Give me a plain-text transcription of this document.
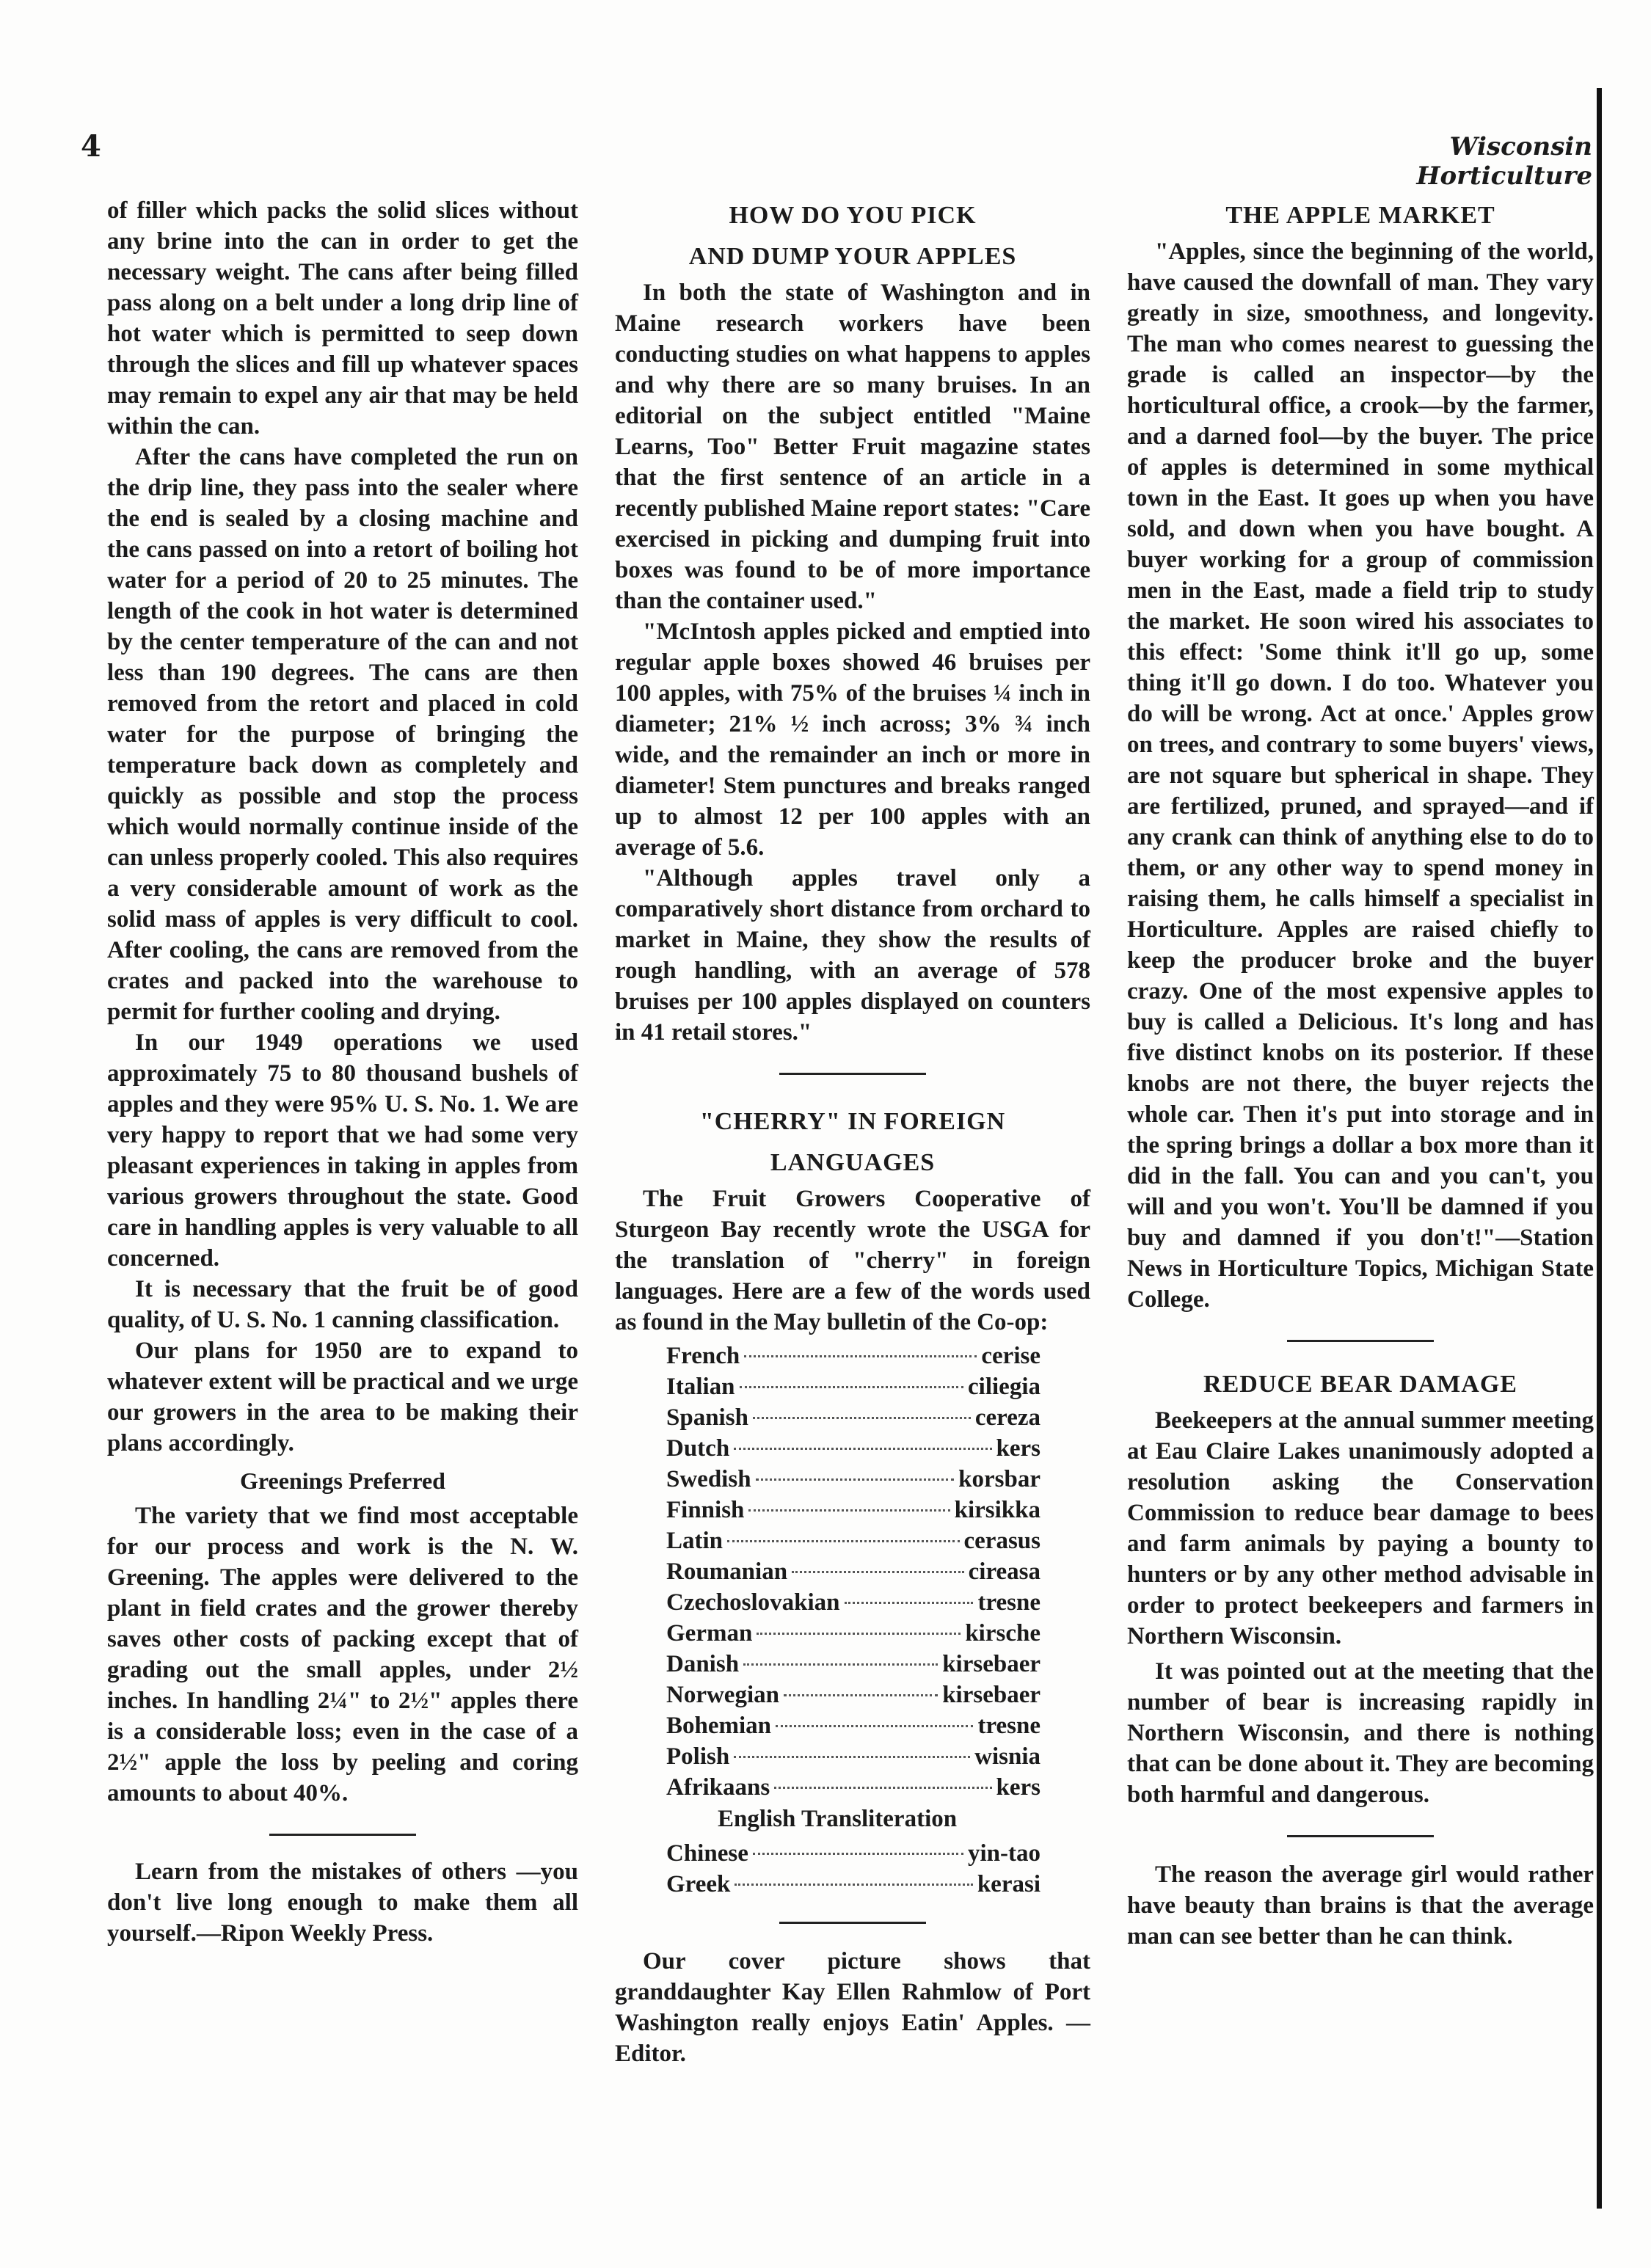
4	Wisconsin Horticulture

of filler which packs the solid slices without any brine into the can in order to get the necessary weight. The cans after being filled pass along on a belt under a long drip line of hot water which is permitted to seep down through the slices and fill up whatever spaces may remain to expel any air that may be held within the can.

After the cans have completed the run on the drip line, they pass into the sealer where the end is sealed by a closing machine and the cans passed on into a retort of boiling hot water for a period of 20 to 25 minutes. The length of the cook in hot water is determined by the center temperature of the can and not less than 190 degrees. The cans are then removed from the retort and placed in cold water for the purpose of bringing the temperature back down as completely and quickly as possible and stop the process which would normally continue inside of the can unless properly cooled. This also requires a very considerable amount of work as the solid mass of apples is very difficult to cool. After cooling, the cans are removed from the crates and packed into the warehouse to permit for further cooling and drying.

In our 1949 operations we used approximately 75 to 80 thousand bushels of apples and they were 95% U. S. No. 1. We are very happy to report that we had some very pleasant experiences in taking in apples from various growers throughout the state. Good care in handling apples is very valuable to all concerned.

It is necessary that the fruit be of good quality, of U. S. No. 1 canning classification.

Our plans for 1950 are to expand to whatever extent will be practical and we urge our growers in the area to be making their plans accordingly.

Greenings Preferred

The variety that we find most acceptable for our process and work is the N. W. Greening. The apples were delivered to the plant in field crates and the grower thereby saves other costs of packing except that of grading out the small apples, under 2½ inches. In handling 2¼" to 2½" apples there is a considerable loss; even in the case of a 2½" apple the loss by peeling and coring amounts to about 40%.

Learn from the mistakes of others —you don't live long enough to make them all yourself.—Ripon Weekly Press.

HOW DO YOU PICK
AND DUMP YOUR APPLES

In both the state of Washington and in Maine research workers have been conducting studies on what happens to apples and why there are so many bruises. In an editorial on the subject entitled "Maine Learns, Too" Better Fruit magazine states that the first sentence of an article in a recently published Maine report states: "Care exercised in picking and dumping fruit into boxes was found to be of more importance than the container used."

"McIntosh apples picked and emptied into regular apple boxes showed 46 bruises per 100 apples, with 75% of the bruises ¼ inch in diameter; 21% ½ inch across; 3% ¾ inch wide, and the remainder an inch or more in diameter! Stem punctures and breaks ranged up to almost 12 per 100 apples with an average of 5.6.

"Although apples travel only a comparatively short distance from orchard to market in Maine, they show the results of rough handling, with an average of 578 bruises per 100 apples displayed on counters in 41 retail stores."

"CHERRY" IN FOREIGN
LANGUAGES

The Fruit Growers Cooperative of Sturgeon Bay recently wrote the USGA for the translation of "cherry" in foreign languages. Here are a few of the words used as found in the May bulletin of the Co-op:

French	cerise
Italian	ciliegia
Spanish	cereza
Dutch	kers
Swedish	korsbar
Finnish	kirsikka
Latin	cerasus
Roumanian	cireasa
Czechoslovakian	tresne
German	kirsche
Danish	kirsebaer
Norwegian	kirsebaer
Bohemian	tresne
Polish	wisnia
Afrikaans	kers
English Transliteration
Chinese	yin-tao
Greek	kerasi

Our cover picture shows that granddaughter Kay Ellen Rahmlow of Port Washington really enjoys Eatin' Apples. —Editor.

THE APPLE MARKET

"Apples, since the beginning of the world, have caused the downfall of man. They vary greatly in size, smoothness, and longevity. The man who comes nearest to guessing the grade is called an inspector—by the horticultural office, a crook—by the farmer, and a darned fool—by the buyer. The price of apples is determined in some mythical town in the East. It goes up when you have sold, and down when you have bought. A buyer working for a group of commission men in the East, made a field trip to study the market. He soon wired his associates to this effect: 'Some think it'll go up, some thing it'll go down. I do too. Whatever you do will be wrong. Act at once.' Apples grow on trees, and contrary to some buyers' views, are not square but spherical in shape. They are fertilized, pruned, and sprayed—and if any crank can think of anything else to do to them, or any other way to spend money in raising them, he calls himself a specialist in Horticulture. Apples are raised chiefly to keep the producer broke and the buyer crazy. One of the most expensive apples to buy is called a Delicious. It's long and has five distinct knobs on its posterior. If these knobs are not there, the buyer rejects the whole car. Then it's put into storage and in the spring brings a dollar a box more than it did in the fall. You can and you can't, you will and you won't. You'll be damned if you buy and damned if you don't!"—Station News in Horticulture Topics, Michigan State College.

REDUCE BEAR DAMAGE

Beekeepers at the annual summer meeting at Eau Claire Lakes unanimously adopted a resolution asking the Conservation Commission to reduce bear damage to bees and farm animals by paying a bounty to hunters or by any other method advisable in order to protect beekeepers and farmers in Northern Wisconsin.

It was pointed out at the meeting that the number of bear is increasing rapidly in Northern Wisconsin, and there is nothing that can be done about it. They are becoming both harmful and dangerous.

The reason the average girl would rather have beauty than brains is that the average man can see better than he can think.
